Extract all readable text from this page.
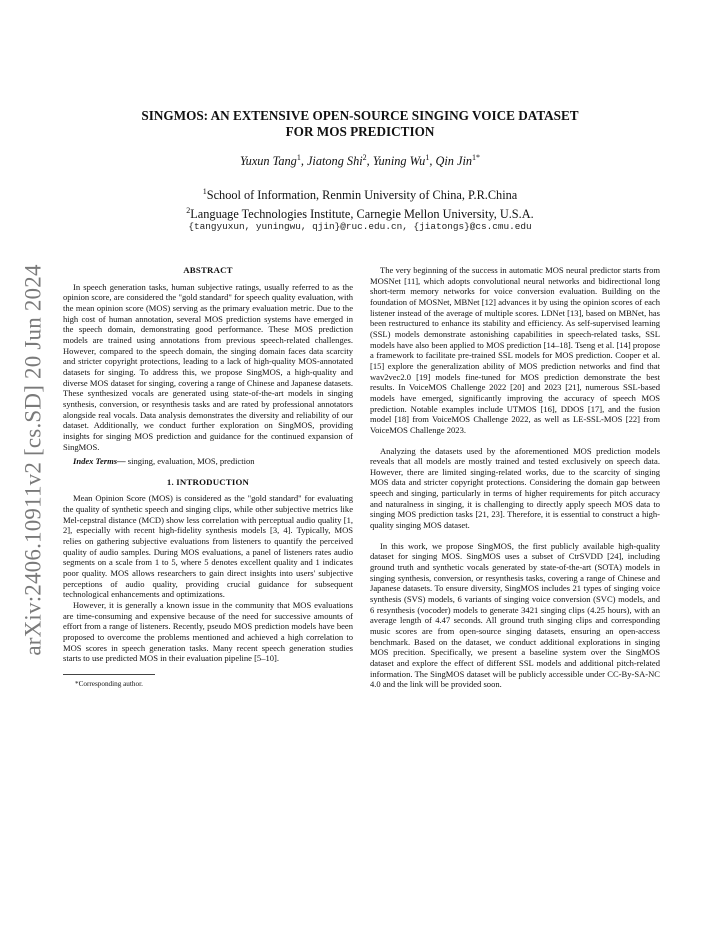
arXiv:2406.10911v2 [cs.SD] 20 Jun 2024
SINGMOS: AN EXTENSIVE OPEN-SOURCE SINGING VOICE DATASET
FOR MOS PREDICTION
Yuxun Tang$^1$, Jiatong Shi$^2$, Yuning Wu$^1$, Qin Jin$^{1*}$
$^1$School of Information, Renmin University of China, P.R.China
$^2$Language Technologies Institute, Carnegie Mellon University, U.S.A.
{tangyuxun, yuningwu, qjin}@ruc.edu.cn, {jiatongs}@cs.cmu.edu
ABSTRACT

In speech generation tasks, human subjective ratings, usually referred to as the opinion score, are considered the "gold standard" for speech quality evaluation, with the mean opinion score (MOS) serving as the primary evaluation metric. Due to the high cost of human annotation, several MOS prediction systems have emerged in the speech domain, demonstrating good performance. These MOS prediction models are trained using annotations from previous speech-related challenges. However, compared to the speech domain, the singing domain faces data scarcity and stricter copyright protections, leading to a lack of high-quality MOS-annotated datasets for singing. To address this, we propose SingMOS, a high-quality and diverse MOS dataset for singing, covering a range of Chinese and Japanese datasets. These synthesized vocals are generated using state-of-the-art models in singing synthesis, conversion, or resynthesis tasks and are rated by professional annotators alongside real vocals. Data analysis demonstrates the diversity and reliability of our dataset. Additionally, we conduct further exploration on SingMOS, providing insights for singing MOS prediction and guidance for the continued expansion of SingMOS.

Index Terms— singing, evaluation, MOS, prediction

1. INTRODUCTION

Mean Opinion Score (MOS) is considered as the "gold standard" for evaluating the quality of synthetic speech and singing clips, while other subjective metrics like Mel-cepstral distance (MCD) show less correlation with perceptual audio quality [1, 2], especially with recent high-fidelity synthesis models [3, 4]. Typically, MOS relies on gathering subjective evaluations from listeners to quantify the perceived quality of audio samples. During MOS evaluations, a panel of listeners rates audio segments on a scale from 1 to 5, where 5 denotes excellent quality and 1 indicates poor quality. MOS allows researchers to gain direct insights into users' subjective perceptions of audio quality, providing crucial guidance for subsequent technological enhancements and optimizations.

However, it is generally a known issue in the community that MOS evaluations are time-consuming and expensive because of the need for successive amounts of effort from a range of listeners. Recently, pseudo MOS prediction models have been proposed to overcome the problems mentioned and achieved a high correlation to MOS scores in speech generation tasks. Many recent speech generation studies starts to use predicted MOS in their evaluation pipeline [5–10].

*Corresponding author.

The very beginning of the success in automatic MOS neural predictor starts from MOSNet [11], which adopts convolutional neural networks and bidirectional long short-term memory networks for voice conversion evaluation. Building on the foundation of MOSNet, MBNet [12] advances it by using the opinion scores of each listener instead of the average of multiple scores. LDNet [13], based on MBNet, has been restructured to enhance its stability and efficiency. As self-supervised learning (SSL) models demonstrate astonishing capabilities in speech-related tasks, SSL models have also been applied to MOS prediction [14–18]. Tseng et al. [14] propose a framework to facilitate pre-trained SSL models for MOS prediction. Cooper et al. [15] explore the generalization ability of MOS prediction networks and find that wav2vec2.0 [19] models fine-tuned for MOS prediction demonstrate the best results. In VoiceMOS Challenge 2022 [20] and 2023 [21], numerous SSL-based models have emerged, significantly improving the accuracy of speech MOS prediction. Notable examples include UTMOS [16], DDOS [17], and the fusion model [18] from VoiceMOS Challenge 2022, as well as LE-SSL-MOS [22] from VoiceMOS Challenge 2023.

Analyzing the datasets used by the aforementioned MOS prediction models reveals that all models are mostly trained and tested exclusively on speech data. However, there are limited singing-related works, due to the scarcity of singing MOS data and stricter copyright protections. Considering the domain gap between speech and singing, particularly in terms of higher requirements for pitch accuracy and naturalness in singing, it is challenging to directly apply speech MOS data to singing MOS prediction tasks [21, 23]. Therefore, it is essential to construct a high-quality singing MOS dataset.

In this work, we propose SingMOS, the first publicly available high-quality dataset for singing MOS. SingMOS uses a subset of CtrSVDD [24], including ground truth and synthetic vocals generated by state-of-the-art (SOTA) models in singing synthesis, conversion, or resynthesis tasks, covering a range of Chinese and Japanese datasets. To ensure diversity, SingMOS includes 21 types of singing voice synthesis (SVS) models, 6 variants of singing voice conversion (SVC) models, and 6 resynthesis (vocoder) models to generate 3421 singing clips (4.25 hours), with an average length of 4.47 seconds. All ground truth singing clips and corresponding music scores are from open-source singing datasets, ensuring an open-access benchmark. Based on the dataset, we conduct additional explorations in singing MOS precition. Specifically, we present a baseline system over the SingMOS dataset and explore the effect of different SSL models and additional pitch-related information. The SingMOS dataset will be publicly accessible under CC-By-SA-NC 4.0 and the link will be provided soon.
